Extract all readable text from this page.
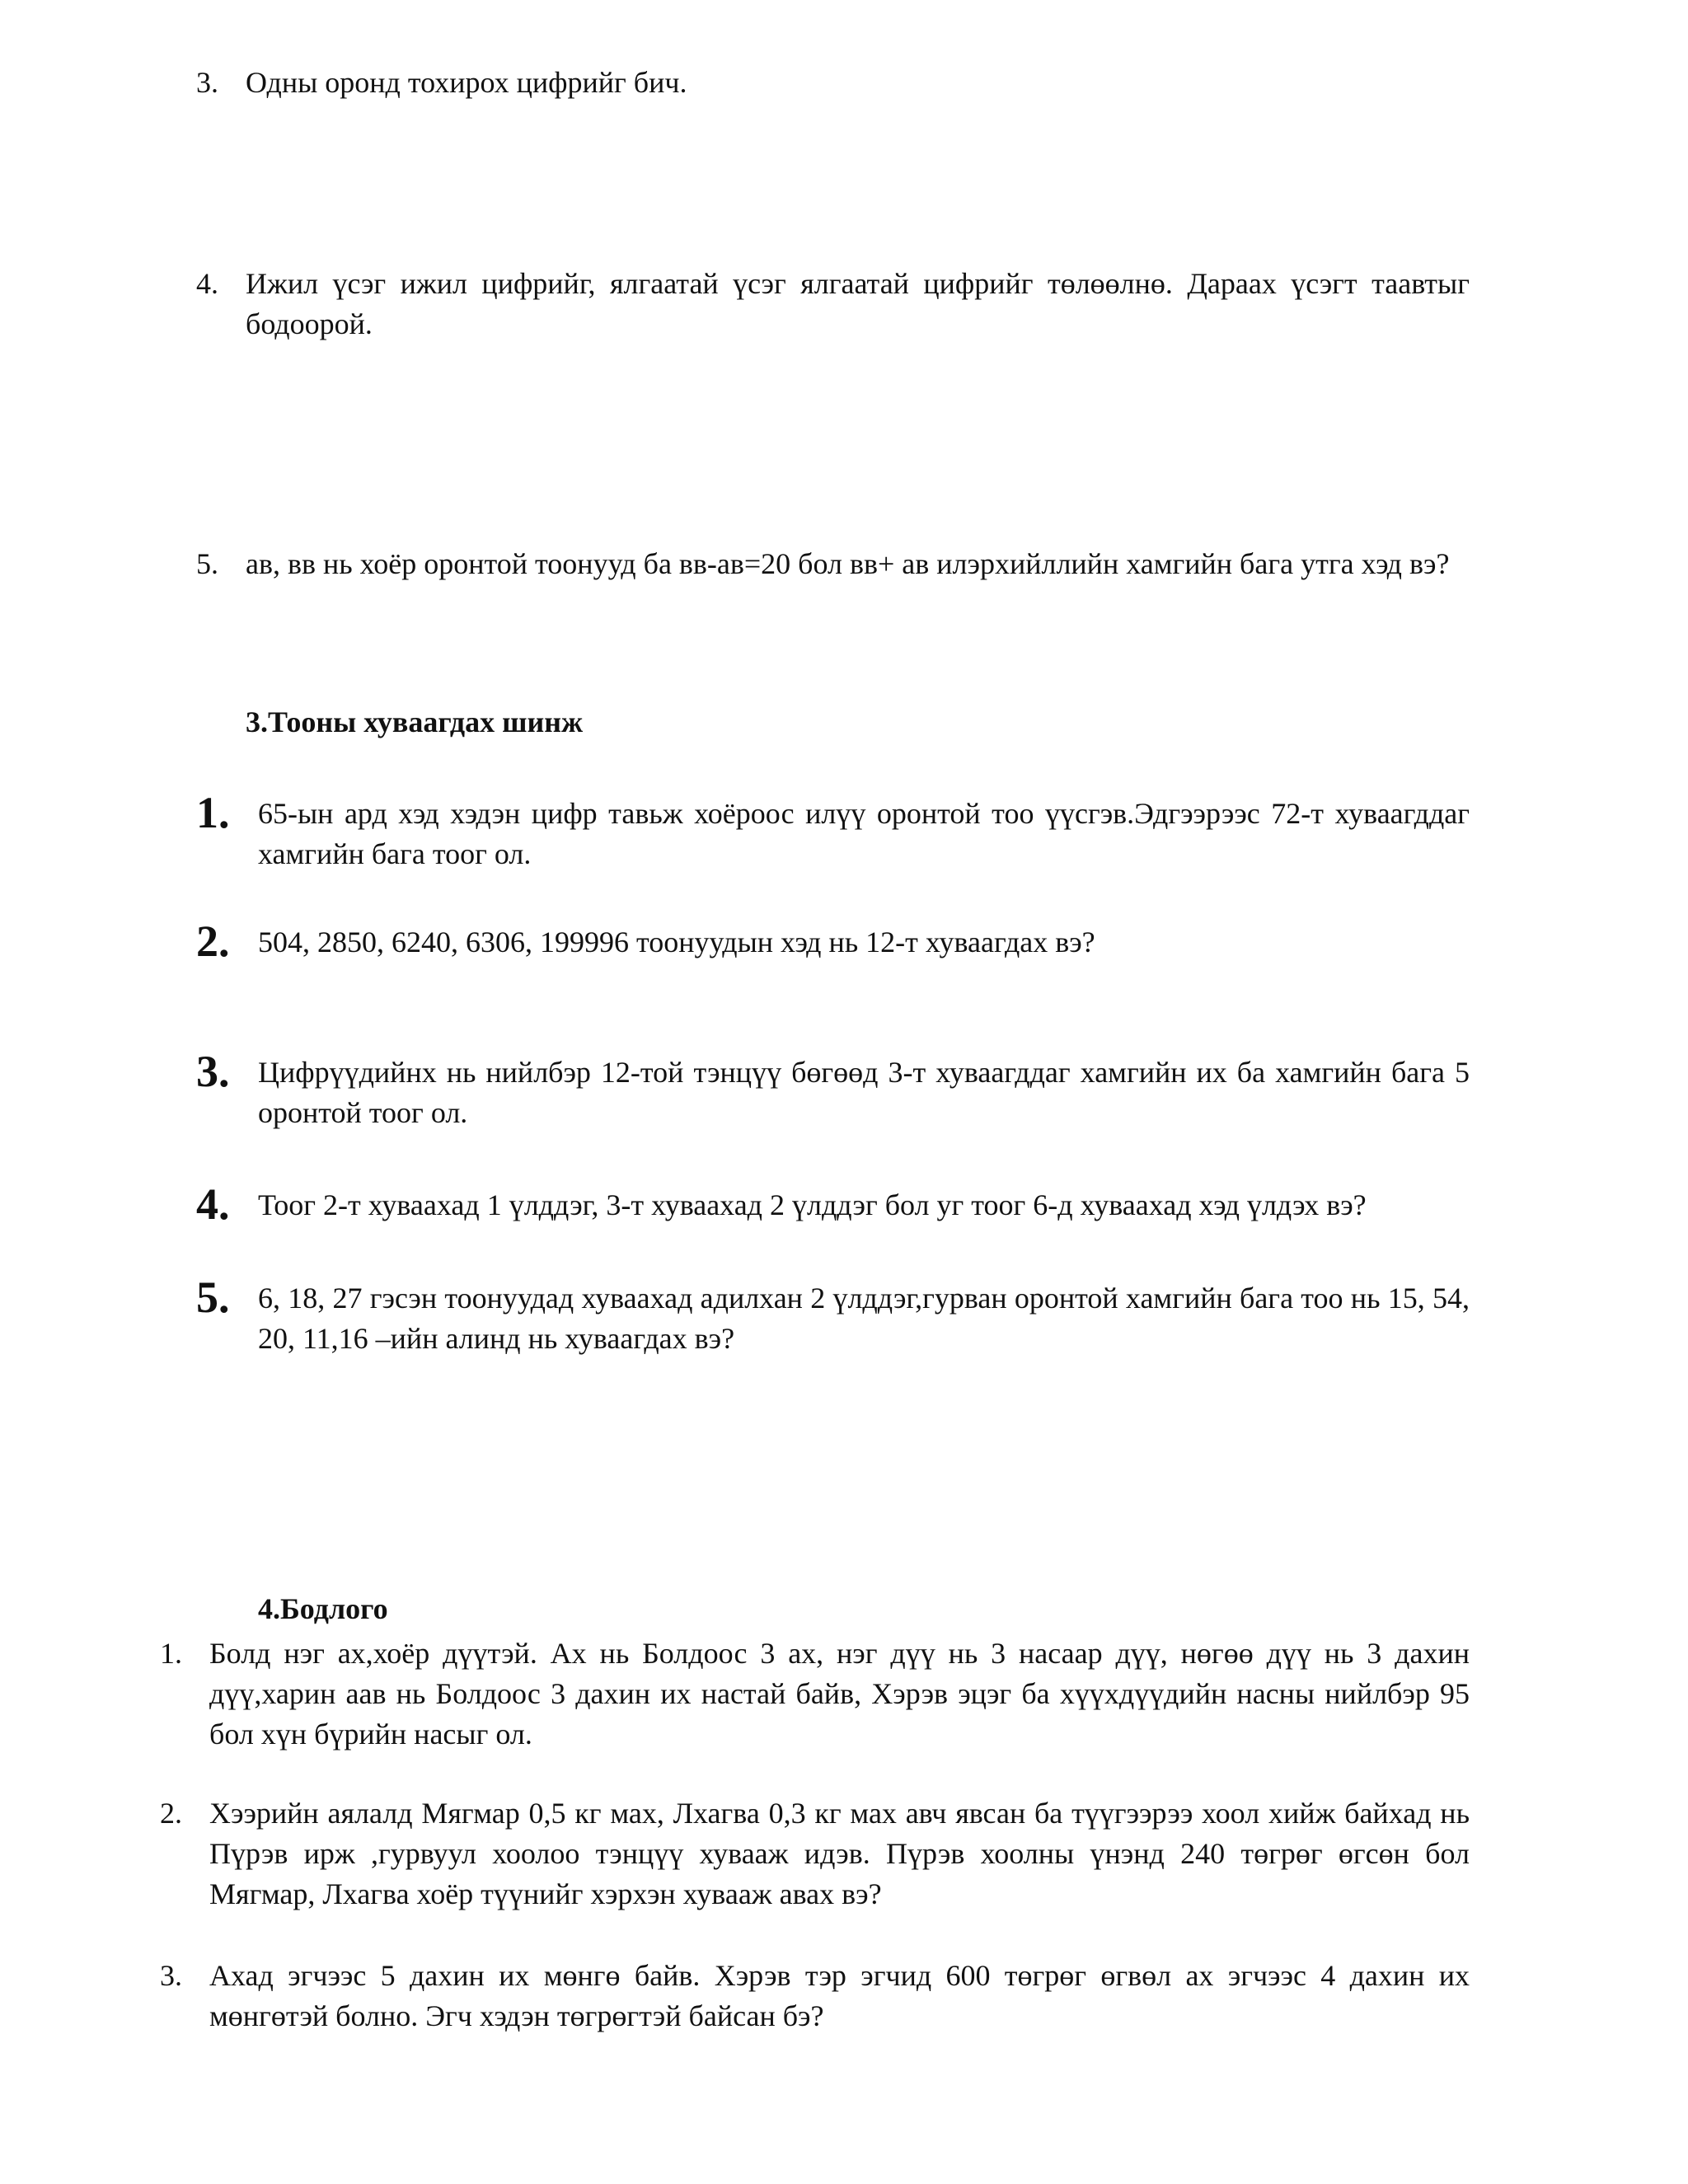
3. Одны оронд тохирох цифрийг бич.
4. Ижил үсэг ижил цифрийг, ялгаатай үсэг ялгаатай цифрийг төлөөлнө. Дараах үсэгт таавтыг бодоорой.
5. ав, вв нь хоёр оронтой тоонууд ба вв-ав=20 бол вв+ ав илэрхийллийн хамгийн бага утга хэд вэ?
3.Тооны хуваагдах шинж
1. 65-ын ард хэд хэдэн цифр тавьж хоёроос илүү оронтой тоо үүсгэв.Эдгээрээс 72-т хуваагддаг хамгийн бага тоог ол.
2. 504, 2850, 6240, 6306, 199996 тоонуудын хэд нь 12-т хуваагдах вэ?
3. Цифрүүдийнх нь нийлбэр 12-той тэнцүү бөгөөд 3-т хуваагддаг хамгийн их ба хамгийн бага 5 оронтой тоог ол.
4. Тоог 2-т хуваахад 1 үлддэг, 3-т хуваахад 2 үлддэг бол уг тоог 6-д хуваахад хэд үлдэх вэ?
5. 6, 18, 27 гэсэн тоонуудад хуваахад адилхан 2 үлддэг,гурван оронтой хамгийн бага тоо нь 15, 54, 20, 11,16 –ийн алинд нь хуваагдах вэ?
4.Бодлого
1. Болд нэг ах,хоёр дүүтэй. Ах нь Болдоос 3 ах, нэг дүү нь 3 насаар дүү, нөгөө дүү нь 3 дахин дүү,харин аав нь Болдоос 3 дахин их настай байв, Хэрэв эцэг ба хүүхдүүдийн насны нийлбэр 95 бол хүн бүрийн насыг ол.
2. Хээрийн аялалд Мягмар 0,5 кг мах, Лхагва 0,3 кг мах авч явсан ба түүгээрээ хоол хийж байхад нь Пүрэв ирж ,гурвуул хоолоо тэнцүү хувааж идэв. Пүрэв хоолны үнэнд 240 төгрөг өгсөн бол Мягмар, Лхагва хоёр түүнийг хэрхэн хувааж авах вэ?
3. Ахад эгчээс 5 дахин их мөнгө байв. Хэрэв тэр эгчид 600 төгрөг өгвөл ах эгчээс 4 дахин их мөнгөтэй болно. Эгч хэдэн төгрөгтэй байсан бэ?
